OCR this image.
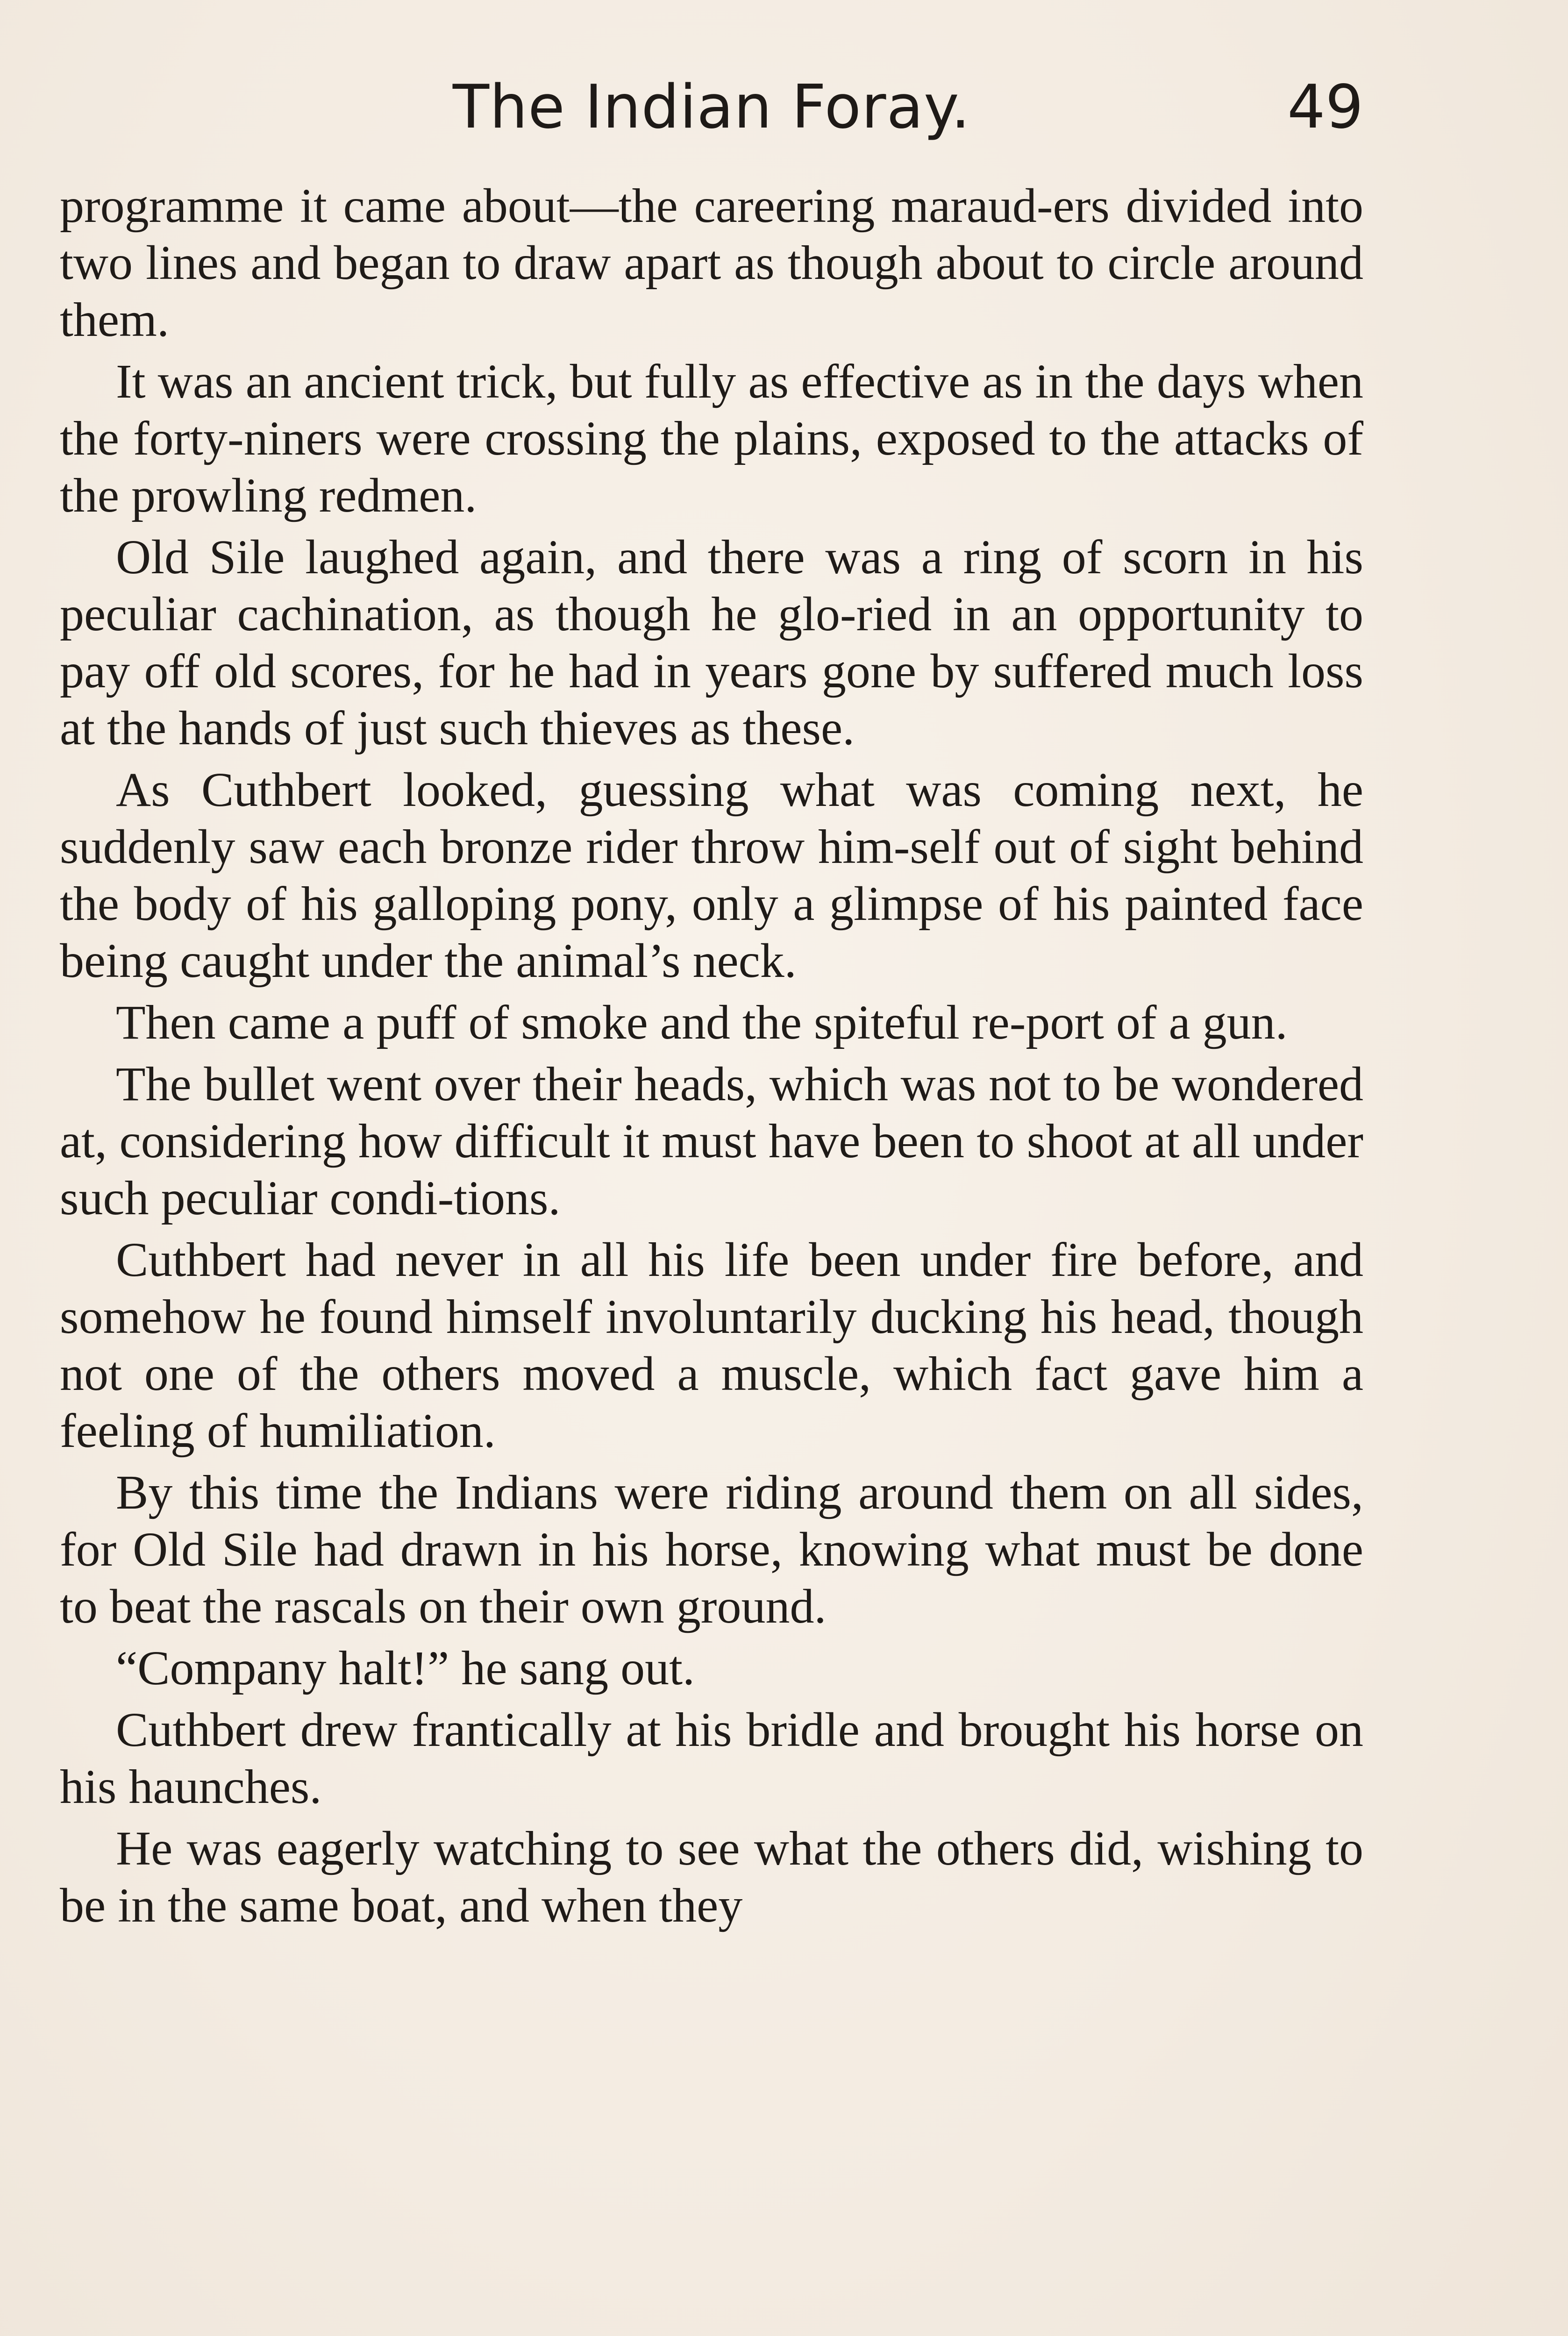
The Indian Foray.	49

programme it came about—the careering maraud-ers divided into two lines and began to draw apart as though about to circle around them.

It was an ancient trick, but fully as effective as in the days when the forty-niners were crossing the plains, exposed to the attacks of the prowling redmen.

Old Sile laughed again, and there was a ring of scorn in his peculiar cachination, as though he glo-ried in an opportunity to pay off old scores, for he had in years gone by suffered much loss at the hands of just such thieves as these.

As Cuthbert looked, guessing what was coming next, he suddenly saw each bronze rider throw him-self out of sight behind the body of his galloping pony, only a glimpse of his painted face being caught under the animal’s neck.

Then came a puff of smoke and the spiteful re-port of a gun.

The bullet went over their heads, which was not to be wondered at, considering how difficult it must have been to shoot at all under such peculiar condi-tions.

Cuthbert had never in all his life been under fire before, and somehow he found himself involuntarily ducking his head, though not one of the others moved a muscle, which fact gave him a feeling of humiliation.

By this time the Indians were riding around them on all sides, for Old Sile had drawn in his horse, knowing what must be done to beat the rascals on their own ground.

“Company halt!” he sang out.

Cuthbert drew frantically at his bridle and brought his horse on his haunches.

He was eagerly watching to see what the others did, wishing to be in the same boat, and when they
